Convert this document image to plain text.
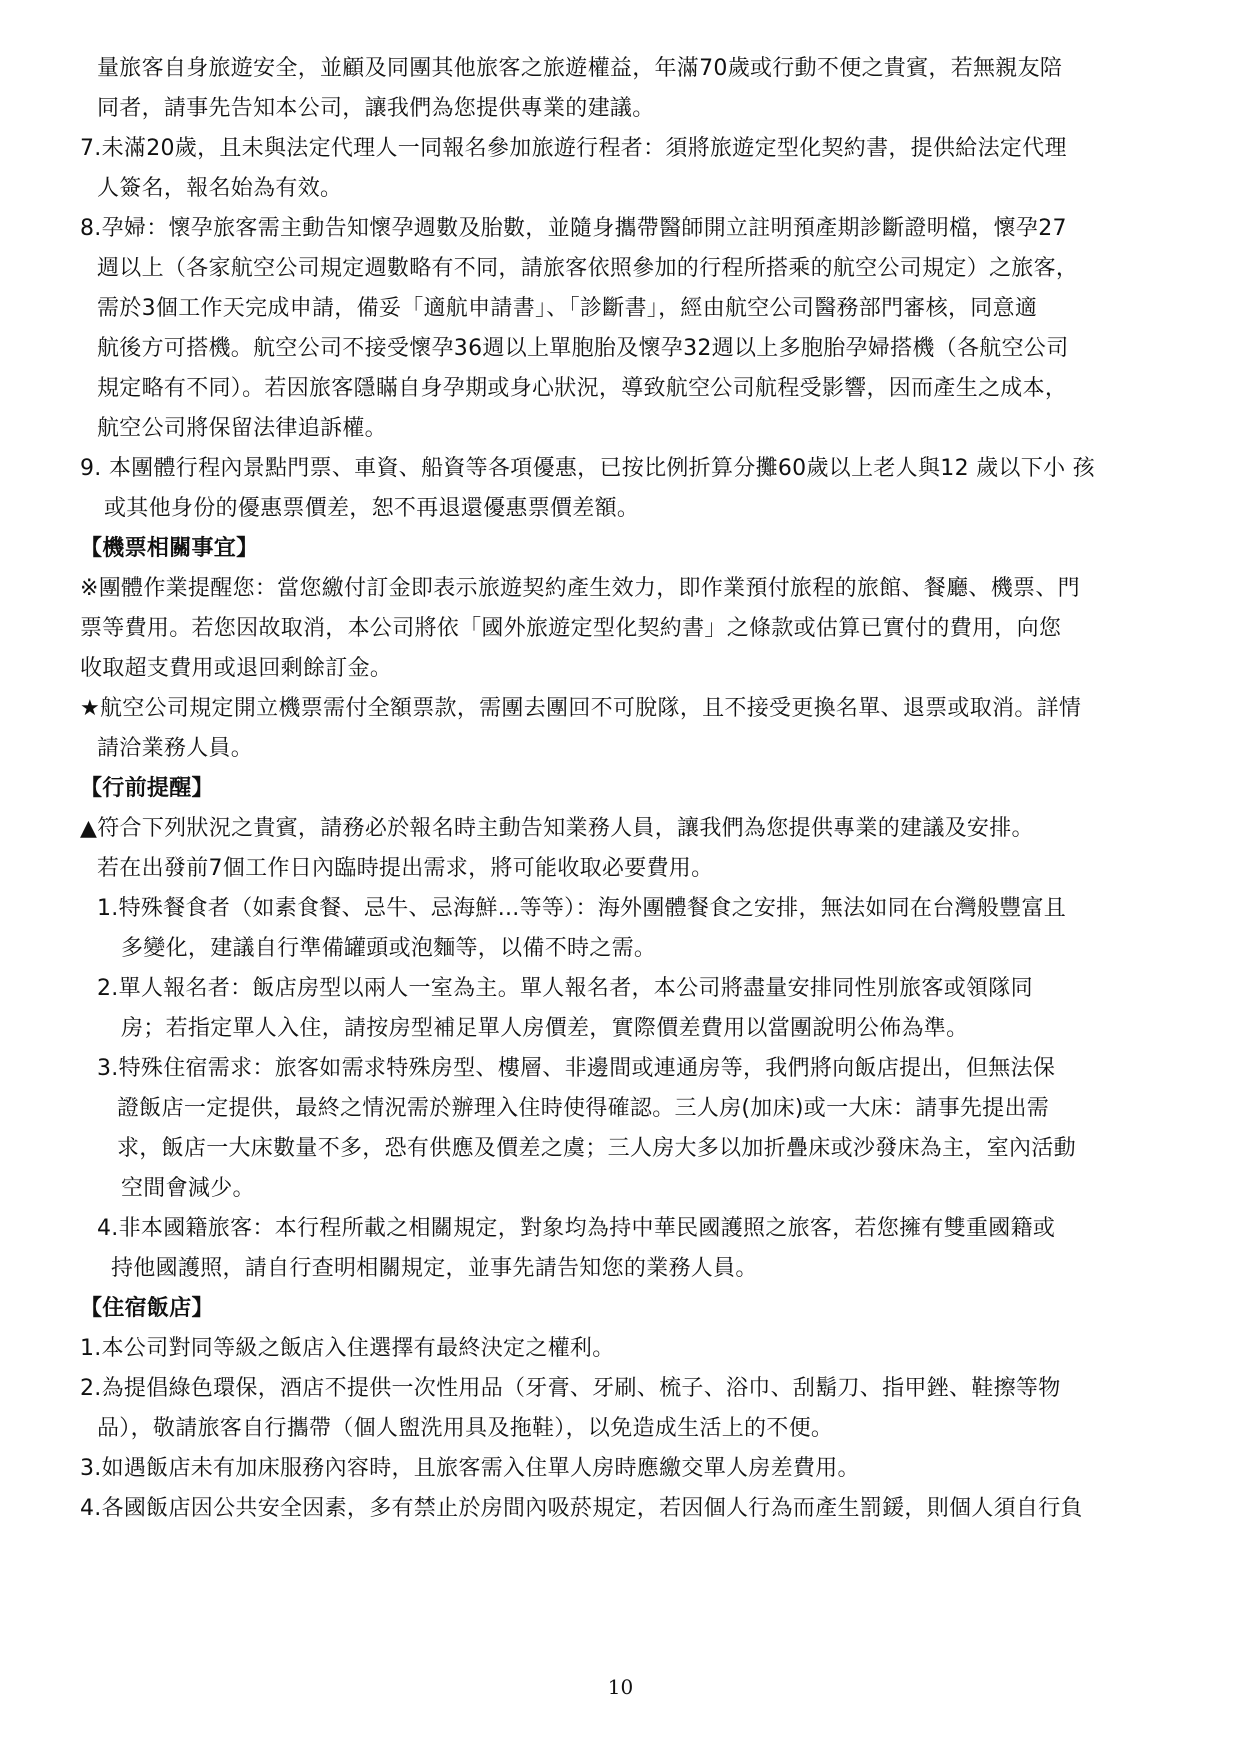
量旅客自身旅遊安全，並顧及同團其他旅客之旅遊權益，年滿70歲或行動不便之貴賓，若無親友陪
同者，請事先告知本公司，讓我們為您提供專業的建議。
7.未滿20歲，且未與法定代理人一同報名參加旅遊行程者：須將旅遊定型化契約書，提供給法定代理
人簽名，報名始為有效。
8.孕婦：懷孕旅客需主動告知懷孕週數及胎數，並隨身攜帶醫師開立註明預產期診斷證明檔，懷孕27
週以上（各家航空公司規定週數略有不同，請旅客依照參加的行程所搭乘的航空公司規定）之旅客，
需於3個工作天完成申請，備妥「適航申請書」、「診斷書」，經由航空公司醫務部門審核，同意適
航後方可搭機。航空公司不接受懷孕36週以上單胞胎及懷孕32週以上多胞胎孕婦搭機（各航空公司
規定略有不同）。若因旅客隱瞞自身孕期或身心狀況，導致航空公司航程受影響，因而產生之成本，
航空公司將保留法律追訴權。
9. 本團體行程內景點門票、車資、船資等各項優惠，已按比例折算分攤60歲以上老人與12 歲以下小 孩
或其他身份的優惠票價差，恕不再退還優惠票價差額。
【機票相關事宜】
※團體作業提醒您：當您繳付訂金即表示旅遊契約產生效力，即作業預付旅程的旅館、餐廳、機票、門
票等費用。若您因故取消，本公司將依「國外旅遊定型化契約書」之條款或估算已實付的費用，向您
收取超支費用或退回剩餘訂金。
★航空公司規定開立機票需付全額票款，需團去團回不可脫隊，且不接受更換名單、退票或取消。詳情
請洽業務人員。
【行前提醒】
▲符合下列狀況之貴賓，請務必於報名時主動告知業務人員，讓我們為您提供專業的建議及安排。
若在出發前7個工作日內臨時提出需求，將可能收取必要費用。
1.特殊餐食者（如素食餐、忌牛、忌海鮮...等等）：海外團體餐食之安排，無法如同在台灣般豐富且
多變化，建議自行準備罐頭或泡麵等，以備不時之需。
2.單人報名者：飯店房型以兩人一室為主。單人報名者，本公司將盡量安排同性別旅客或領隊同
房；若指定單人入住，請按房型補足單人房價差，實際價差費用以當團說明公佈為準。
3.特殊住宿需求：旅客如需求特殊房型、樓層、非邊間或連通房等，我們將向飯店提出，但無法保
證飯店一定提供，最終之情況需於辦理入住時使得確認。三人房(加床)或一大床：請事先提出需
求，飯店一大床數量不多，恐有供應及價差之虞；三人房大多以加折疊床或沙發床為主，室內活動
空間會減少。
4.非本國籍旅客：本行程所載之相關規定，對象均為持中華民國護照之旅客，若您擁有雙重國籍或
持他國護照，請自行查明相關規定，並事先請告知您的業務人員。
【住宿飯店】
1.本公司對同等級之飯店入住選擇有最終決定之權利。
2.為提倡綠色環保，酒店不提供一次性用品（牙膏、牙刷、梳子、浴巾、刮鬍刀、指甲銼、鞋擦等物
品），敬請旅客自行攜帶（個人盥洗用具及拖鞋），以免造成生活上的不便。
3.如遇飯店未有加床服務內容時，且旅客需入住單人房時應繳交單人房差費用。
4.各國飯店因公共安全因素，多有禁止於房間內吸菸規定，若因個人行為而產生罰鍰，則個人須自行負
10
